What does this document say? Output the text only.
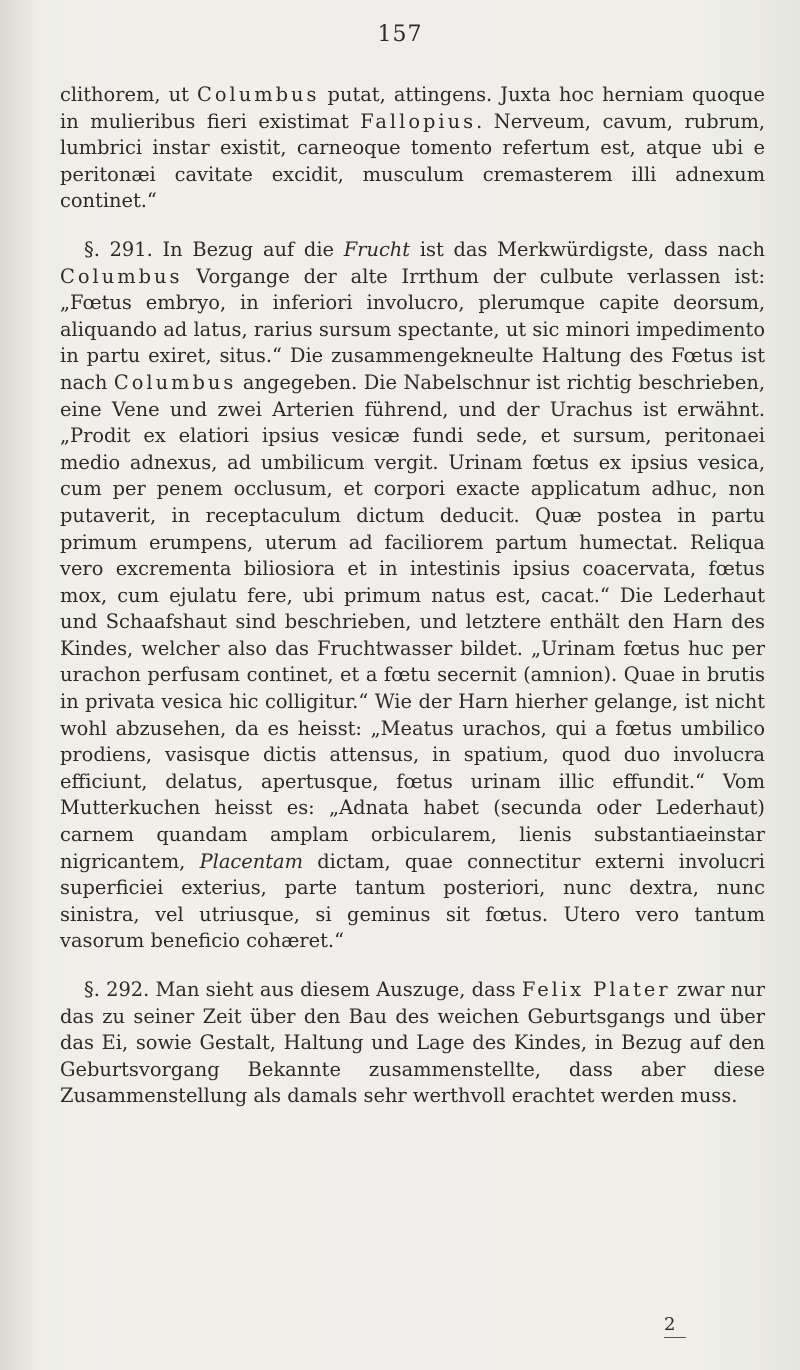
157

clithorem, ut Columbus putat, attingens. Juxta hoc herniam quoque in mulieribus fieri existimat Fallopius. Nerveum, cavum, rubrum, lumbrici instar existit, carneoque tomento refertum est, atque ubi e peritonæi cavitate excidit, musculum cremasterem illi adnexum continet.“

§. 291. In Bezug auf die Frucht ist das Merkwürdigste, dass nach Columbus Vorgange der alte Irrthum der culbute verlassen ist: „Fœtus embryo, in inferiori involucro, plerumque capite deorsum, aliquando ad latus, rarius sursum spectante, ut sic minori impedimento in partu exiret, situs.“ Die zusammengekneulte Haltung des Fœtus ist nach Columbus angegeben. Die Nabelschnur ist richtig beschrieben, eine Vene und zwei Arterien führend, und der Urachus ist erwähnt. „Prodit ex elatiori ipsius vesicæ fundi sede, et sursum, peritonaei medio adnexus, ad umbilicum vergit. Urinam fœtus ex ipsius vesica, cum per penem occlusum, et corpori exacte applicatum adhuc, non putaverit, in receptaculum dictum deducit. Quæ postea in partu primum erumpens, uterum ad faciliorem partum humectat. Reliqua vero excrementa biliosiora et in intestinis ipsius coacervata, fœtus mox, cum ejulatu fere, ubi primum natus est, cacat.“ Die Lederhaut und Schaafshaut sind beschrieben, und letztere enthält den Harn des Kindes, welcher also das Fruchtwasser bildet. „Urinam fœtus huc per urachon perfusam continet, et a fœtu secernit (amnion). Quae in brutis in privata vesica hic colligitur.“ Wie der Harn hierher gelange, ist nicht wohl abzusehen, da es heisst: „Meatus urachos, qui a fœtus umbilico prodiens, vasisque dictis attensus, in spatium, quod duo involucra efficiunt, delatus, apertusque, fœtus urinam illic effundit.“ Vom Mutterkuchen heisst es: „Adnata habet (secunda oder Lederhaut) carnem quandam amplam orbicularem, lienis substantiaeinstar nigricantem, Placentam dictam, quae connectitur externi involucri superficiei exterius, parte tantum posteriori, nunc dextra, nunc sinistra, vel utriusque, si geminus sit fœtus. Utero vero tantum vasorum beneficio cohæret.“

§. 292. Man sieht aus diesem Auszuge, dass Felix Plater zwar nur das zu seiner Zeit über den Bau des weichen Geburtsgangs und über das Ei, sowie Gestalt, Haltung und Lage des Kindes, in Bezug auf den Geburtsvorgang Bekannte zusammenstellte, dass aber diese Zusammenstellung als damals sehr werthvoll erachtet werden muss.

2
